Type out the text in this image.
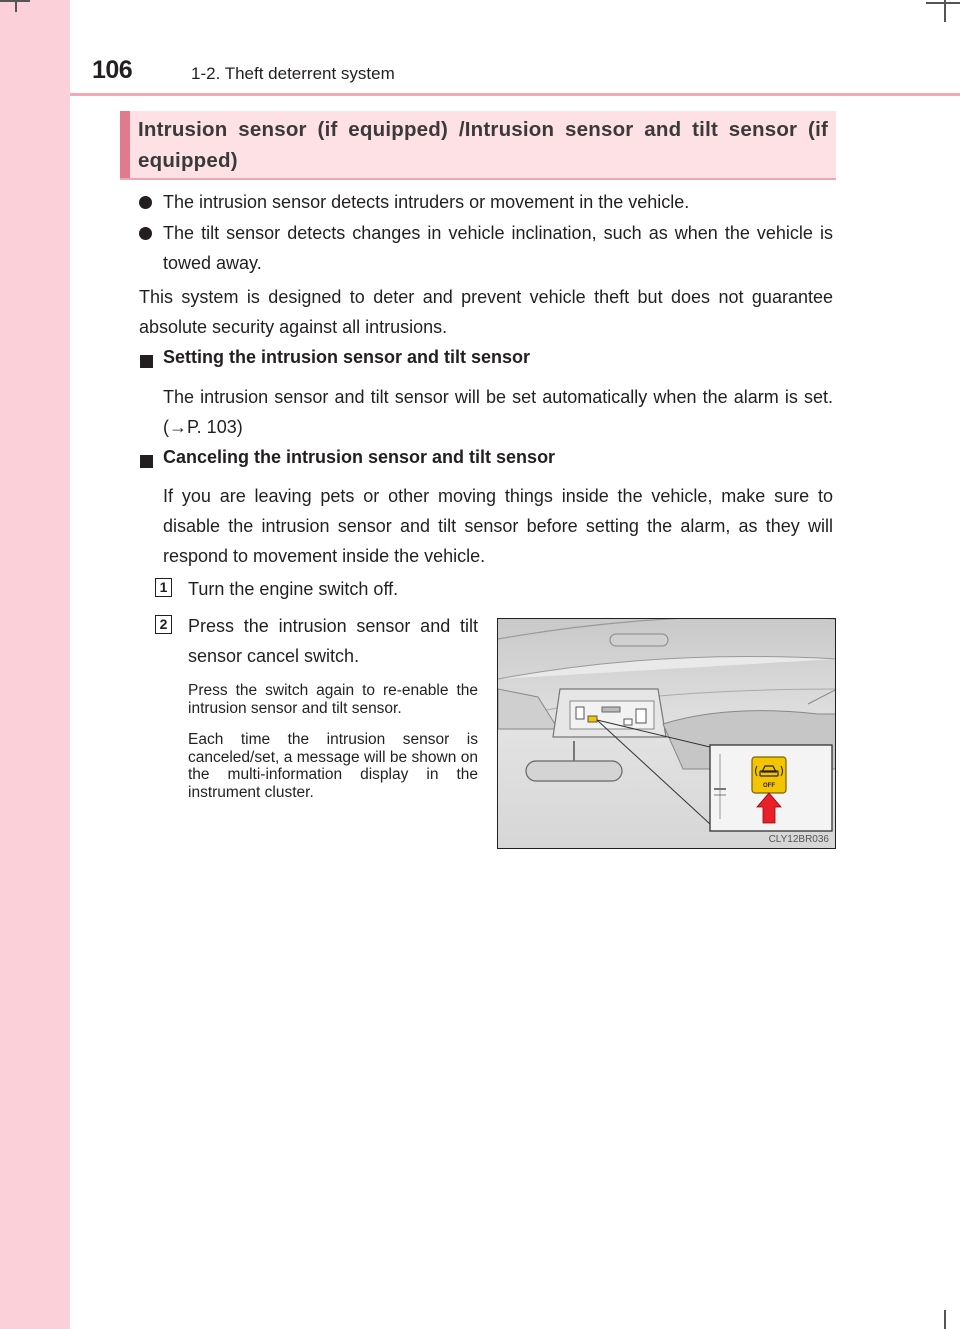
106	1-2. Theft deterrent system
Intrusion sensor (if equipped) /Intrusion sensor and tilt sensor (if equipped)
The intrusion sensor detects intruders or movement in the vehicle.
The tilt sensor detects changes in vehicle inclination, such as when the vehicle is towed away.
This system is designed to deter and prevent vehicle theft but does not guarantee absolute security against all intrusions.
Setting the intrusion sensor and tilt sensor
The intrusion sensor and tilt sensor will be set automatically when the alarm is set. (→P. 103)
Canceling the intrusion sensor and tilt sensor
If you are leaving pets or other moving things inside the vehicle, make sure to disable the intrusion sensor and tilt sensor before setting the alarm, as they will respond to movement inside the vehicle.
1 Turn the engine switch off.
2 Press the intrusion sensor and tilt sensor cancel switch.
Press the switch again to re-enable the intrusion sensor and tilt sensor.
Each time the intrusion sensor is canceled/set, a message will be shown on the multi-information display in the instrument cluster.	OFF
CLY12BR036
